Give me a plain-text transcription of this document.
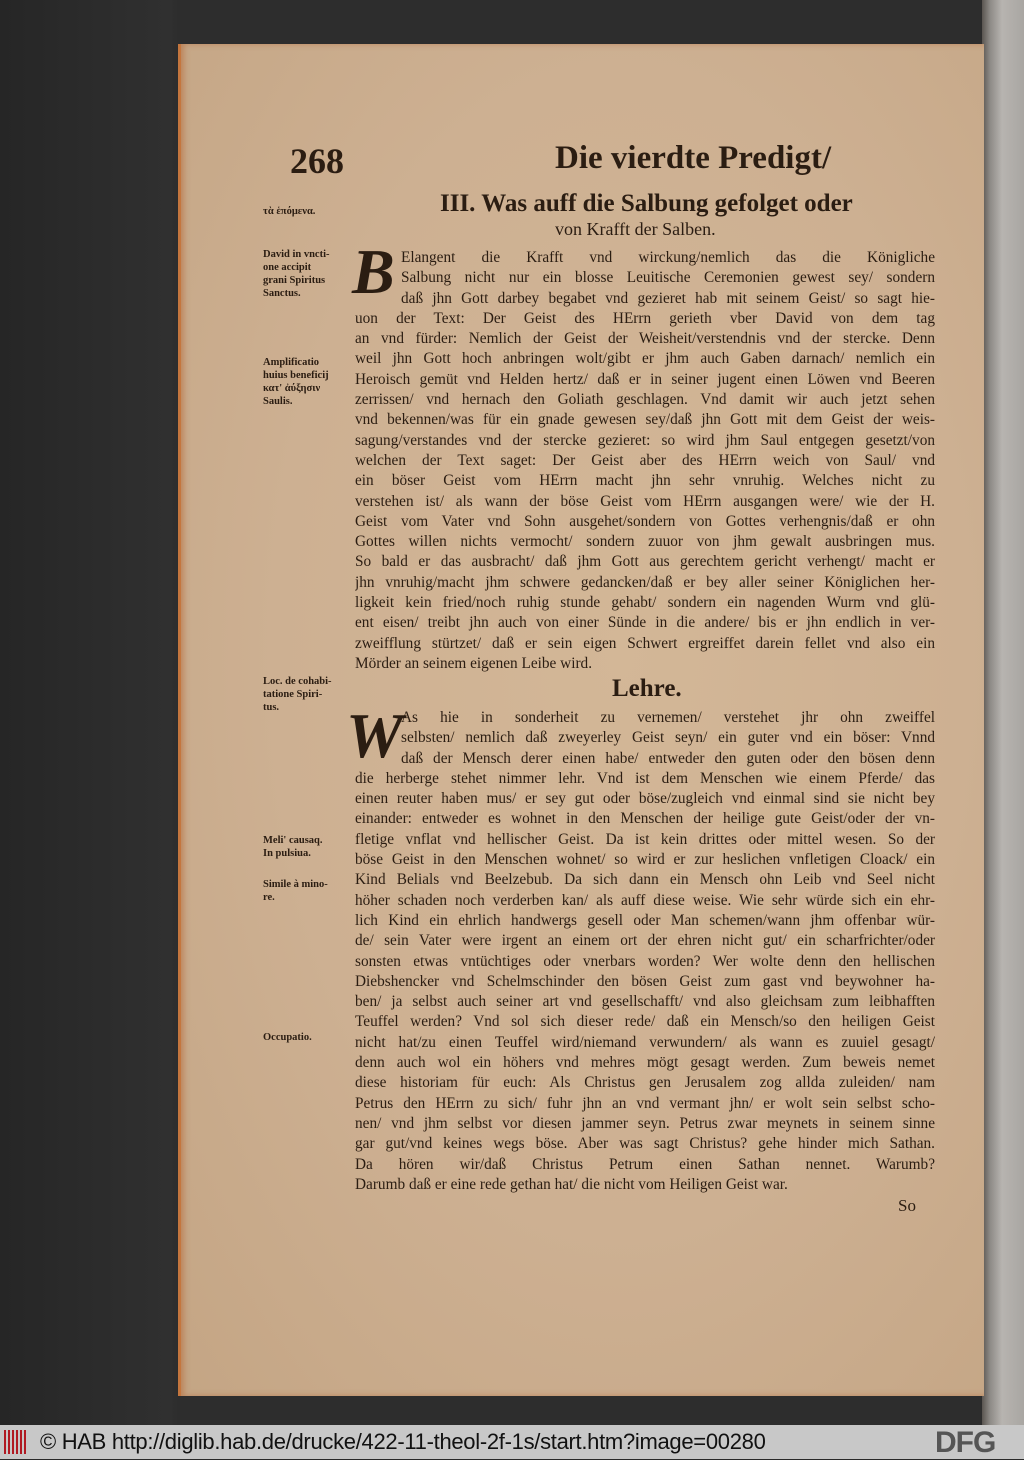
268	Die vierdte Predigt/
III. Was auff die Salbung gefolget oder
von Krafft der Salben.
B Elangent die Krafft vnd wirckung/nemlich das die Königliche
Salbung nicht nur ein blosse Leuitische Ceremonien gewest sey/ sondern
daß jhn Gott darbey begabet vnd gezieret hab mit seinem Geist/ so sagt hie-
uon der Text: Der Geist des HErrn gerieth vber David von dem tag
an vnd fürder: Nemlich der Geist der Weisheit/verstendnis vnd der stercke. Denn
weil jhn Gott hoch anbringen wolt/gibt er jhm auch Gaben darnach/ nemlich ein
Heroisch gemüt vnd Helden hertz/ daß er in seiner jugent einen Löwen vnd Beeren
zerrissen/ vnd hernach den Goliath geschlagen. Vnd damit wir auch jetzt sehen
vnd bekennen/was für ein gnade gewesen sey/daß jhn Gott mit dem Geist der weis-
sagung/verstandes vnd der stercke gezieret: so wird jhm Saul entgegen gesetzt/von
welchen der Text saget: Der Geist aber des HErrn weich von Saul/ vnd
ein böser Geist vom HErrn macht jhn sehr vnruhig. Welches nicht zu
verstehen ist/ als wann der böse Geist vom HErrn ausgangen were/ wie der H.
Geist vom Vater vnd Sohn ausgehet/sondern von Gottes verhengnis/daß er ohn
Gottes willen nichts vermocht/ sondern zuuor von jhm gewalt ausbringen mus.
So bald er das ausbracht/ daß jhm Gott aus gerechtem gericht verhengt/ macht er
jhn vnruhig/macht jhm schwere gedancken/daß er bey aller seiner Königlichen her-
ligkeit kein fried/noch ruhig stunde gehabt/ sondern ein nagenden Wurm vnd glü-
ent eisen/ treibt jhn auch von einer Sünde in die andere/ bis er jhn endlich in ver-
zweifflung stürtzet/ daß er sein eigen Schwert ergreiffet darein fellet vnd also ein
Mörder an seinem eigenen Leibe wird.
Lehre.
W
As hie in sonderheit zu vernemen/ verstehet jhr ohn zweiffel
selbsten/ nemlich daß zweyerley Geist seyn/ ein guter vnd ein böser: Vnnd
daß der Mensch derer einen habe/ entweder den guten oder den bösen denn
die herberge stehet nimmer lehr. Vnd ist dem Menschen wie einem Pferde/ das
einen reuter haben mus/ er sey gut oder böse/zugleich vnd einmal sind sie nicht bey
einander: entweder es wohnet in den Menschen der heilige gute Geist/oder der vn-
fletige vnflat vnd hellischer Geist. Da ist kein drittes oder mittel wesen. So der
böse Geist in den Menschen wohnet/ so wird er zur heslichen vnfletigen Cloack/ ein
Kind Belials vnd Beelzebub. Da sich dann ein Mensch ohn Leib vnd Seel nicht
höher schaden noch verderben kan/ als auff diese weise. Wie sehr würde sich ein ehr-
lich Kind ein ehrlich handwergs gesell oder Man schemen/wann jhm offenbar wür-
de/ sein Vater were irgent an einem ort der ehren nicht gut/ ein scharfrichter/oder
sonsten etwas vntüchtiges oder vnerbars worden? Wer wolte denn den hellischen
Diebshencker vnd Schelmschinder den bösen Geist zum gast vnd beywohner ha-
ben/ ja selbst auch seiner art vnd gesellschafft/ vnd also gleichsam zum leibhafften
Teuffel werden? Vnd sol sich dieser rede/ daß ein Mensch/so den heiligen Geist
nicht hat/zu einen Teuffel wird/niemand verwundern/ als wann es zuuiel gesagt/
denn auch wol ein höhers vnd mehres mögt gesagt werden. Zum beweis nemet
diese historiam für euch: Als Christus gen Jerusalem zog allda zuleiden/ nam
Petrus den HErrn zu sich/ fuhr jhn an vnd vermant jhn/ er wolt sein selbst scho-
nen/ vnd jhm selbst vor diesen jammer seyn. Petrus zwar meynets in seinem sinne
gar gut/vnd keines wegs böse. Aber was sagt Christus? gehe hinder mich Sathan.
Da hören wir/daß Christus Petrum einen Sathan nennet. Warumb?
Darumb daß er eine rede gethan hat/ die nicht vom Heiligen Geist war.
So
τὰ ἑπόμενα.
David in vncti-
one accipit
grani Spiritus
Sanctus.
Amplificatio
huius beneficij
κατ' ἀύξησιν
Saulis.
Loc. de cohabi-
tatione Spiri-
tus.
Meli' causaq.
In pulsiua.
Simile à mino-
re.
Occupatio.
© HAB http://diglib.hab.de/drucke/422-11-theol-2f-1s/start.htm?image=00280	DFG
